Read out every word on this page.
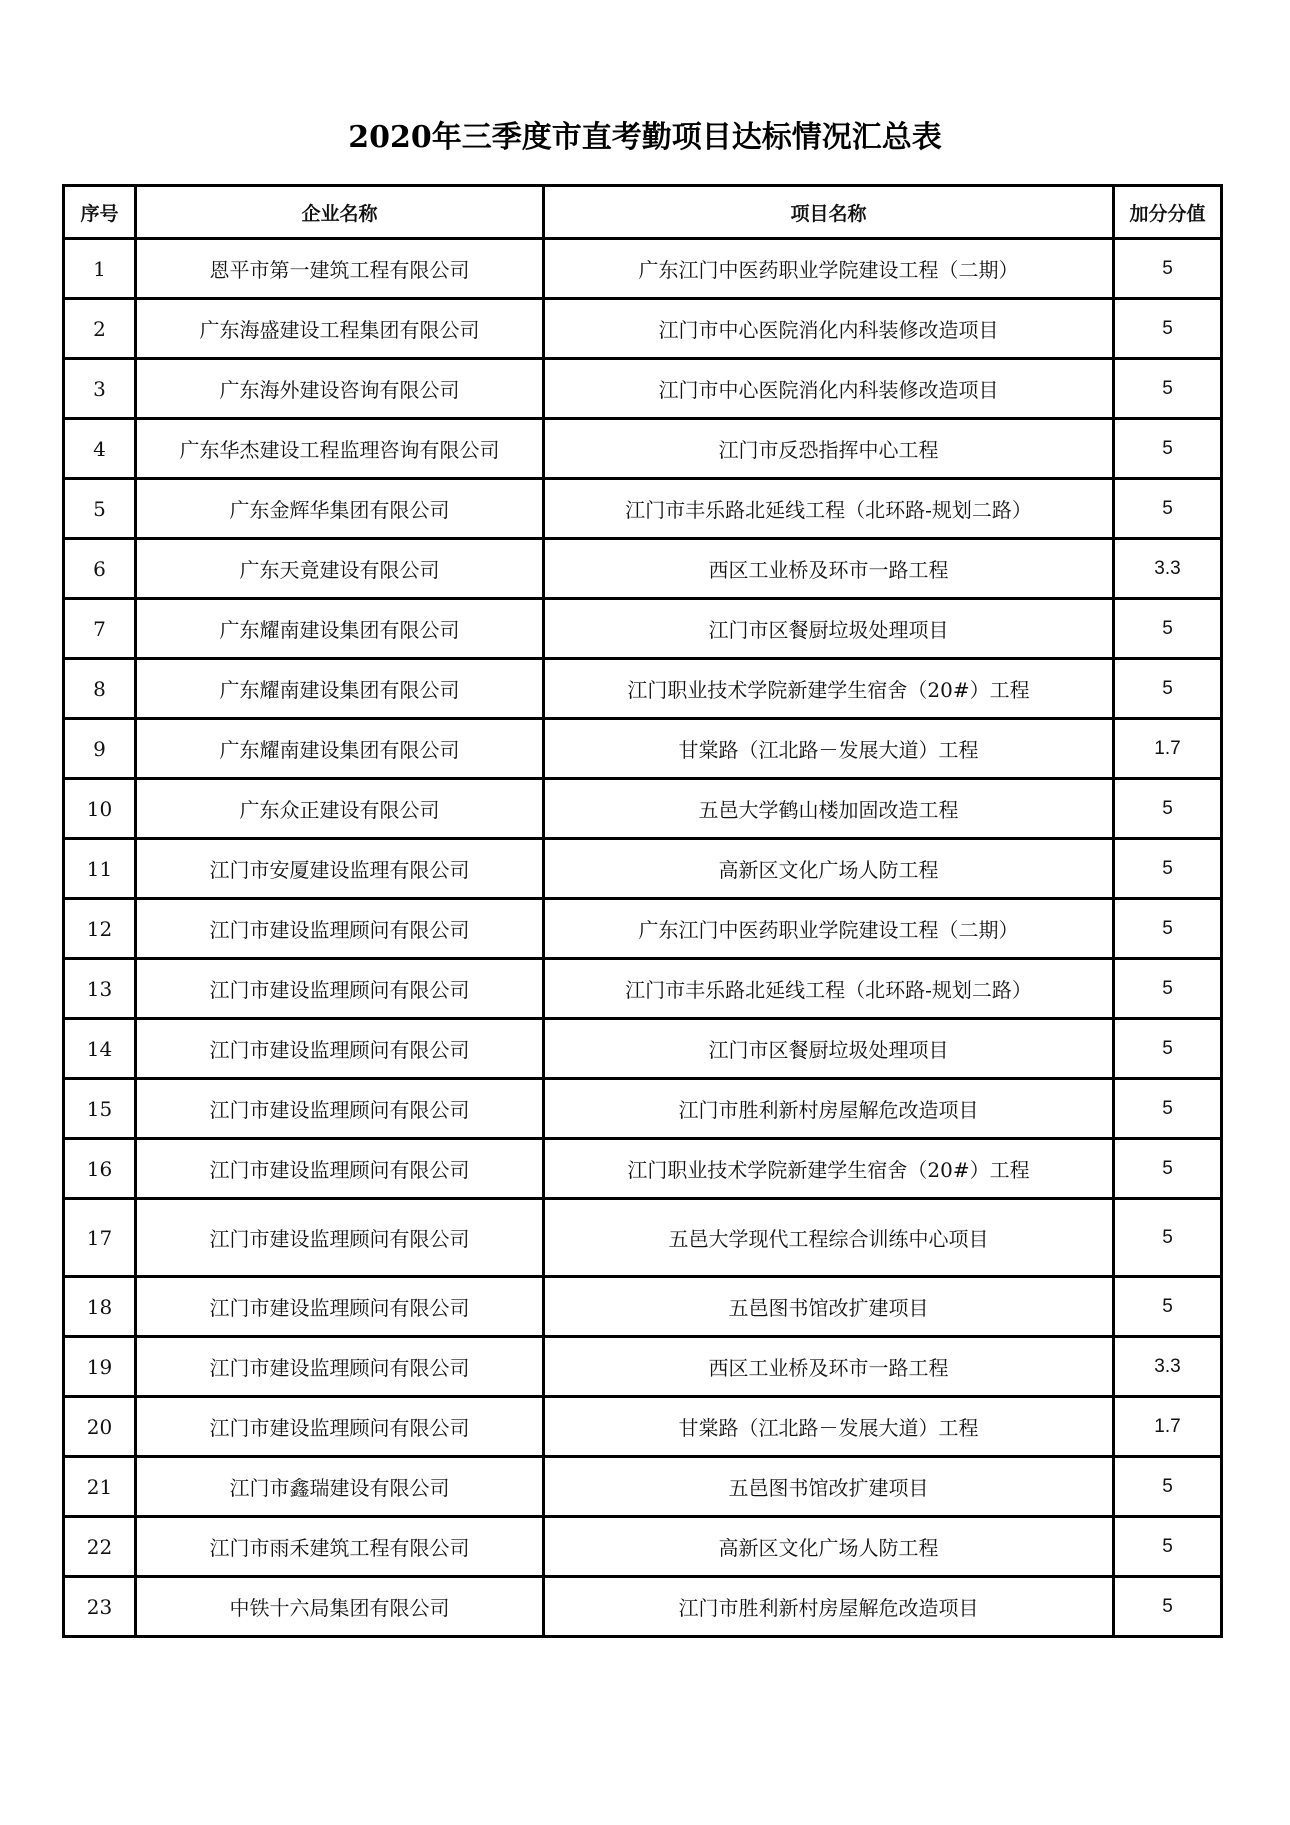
2020年三季度市直考勤项目达标情况汇总表
序号	企业名称	项目名称	加分分值
1	恩平市第一建筑工程有限公司	广东江门中医药职业学院建设工程（二期）	5
2	广东海盛建设工程集团有限公司	江门市中心医院消化内科装修改造项目	5
3	广东海外建设咨询有限公司	江门市中心医院消化内科装修改造项目	5
4	广东华杰建设工程监理咨询有限公司	江门市反恐指挥中心工程	5
5	广东金辉华集团有限公司	江门市丰乐路北延线工程（北环路-规划二路）	5
6	广东天竟建设有限公司	西区工业桥及环市一路工程	3.3
7	广东耀南建设集团有限公司	江门市区餐厨垃圾处理项目	5
8	广东耀南建设集团有限公司	江门职业技术学院新建学生宿舍（20#）工程	5
9	广东耀南建设集团有限公司	甘棠路（江北路－发展大道）工程	1.7
10	广东众正建设有限公司	五邑大学鹤山楼加固改造工程	5
11	江门市安厦建设监理有限公司	高新区文化广场人防工程	5
12	江门市建设监理顾问有限公司	广东江门中医药职业学院建设工程（二期）	5
13	江门市建设监理顾问有限公司	江门市丰乐路北延线工程（北环路-规划二路）	5
14	江门市建设监理顾问有限公司	江门市区餐厨垃圾处理项目	5
15	江门市建设监理顾问有限公司	江门市胜利新村房屋解危改造项目	5
16	江门市建设监理顾问有限公司	江门职业技术学院新建学生宿舍（20#）工程	5
17	江门市建设监理顾问有限公司	五邑大学现代工程综合训练中心项目	5
18	江门市建设监理顾问有限公司	五邑图书馆改扩建项目	5
19	江门市建设监理顾问有限公司	西区工业桥及环市一路工程	3.3
20	江门市建设监理顾问有限公司	甘棠路（江北路－发展大道）工程	1.7
21	江门市鑫瑞建设有限公司	五邑图书馆改扩建项目	5
22	江门市雨禾建筑工程有限公司	高新区文化广场人防工程	5
23	中铁十六局集团有限公司	江门市胜利新村房屋解危改造项目	5
